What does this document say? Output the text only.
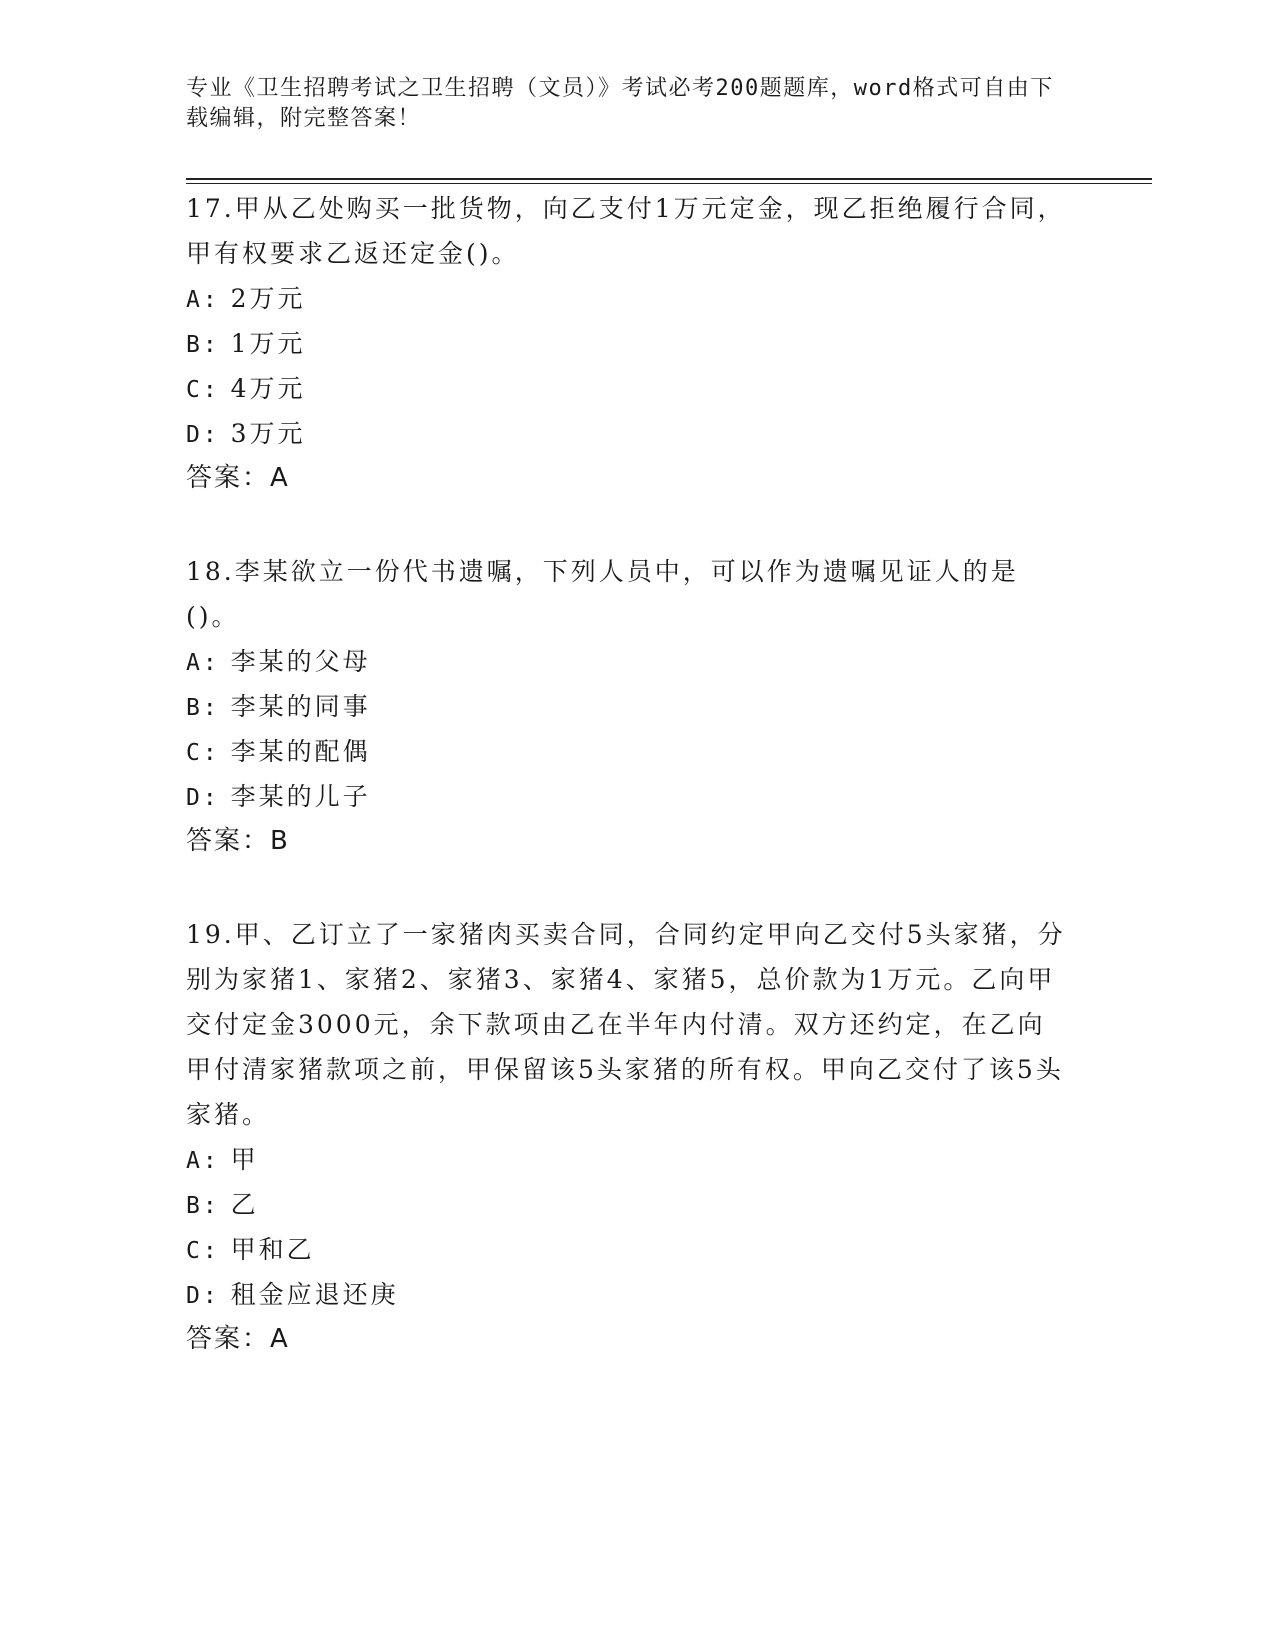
专业《卫生招聘考试之卫生招聘（文员）》考试必考200题题库，word格式可自由下载编辑，附完整答案！

17.甲从乙处购买一批货物，向乙支付1万元定金，现乙拒绝履行合同，甲有权要求乙返还定金()。

A: 2万元
B: 1万元
C: 4万元
D: 3万元
答案：A

18.李某欲立一份代书遗嘱，下列人员中，可以作为遗嘱见证人的是()。

A: 李某的父母
B: 李某的同事
C: 李某的配偶
D: 李某的儿子
答案：B

19.甲、乙订立了一家猪肉买卖合同，合同约定甲向乙交付5头家猪，分别为家猪1、家猪2、家猪3、家猪4、家猪5，总价款为1万元。乙向甲交付定金3000元，余下款项由乙在半年内付清。双方还约定，在乙向甲付清家猪款项之前，甲保留该5头家猪的所有权。甲向乙交付了该5头家猪。

A: 甲
B: 乙
C: 甲和乙
D: 租金应退还庚
答案：A
